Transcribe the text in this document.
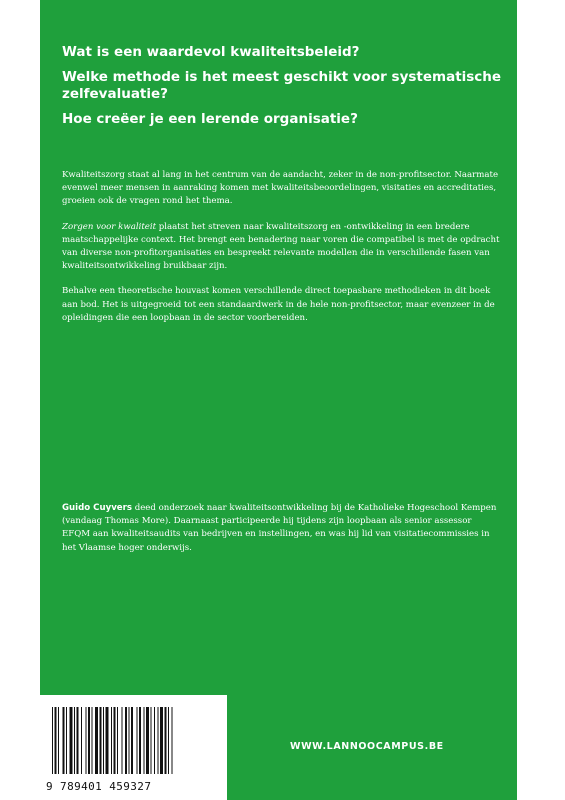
Wat is een waardevol kwaliteitsbeleid?

Welke methode is het meest geschikt voor systematische zelfevaluatie?

Hoe creëer je een lerende organisatie?

Kwaliteitszorg staat al lang in het centrum van de aandacht, zeker in de non-profitsector. Naarmate evenwel meer mensen in aanraking komen met kwaliteitsbeoordelingen, visitaties en accreditaties, groeien ook de vragen rond het thema.

Zorgen voor kwaliteit plaatst het streven naar kwaliteitszorg en -ontwikkeling in een bredere maatschappelijke context. Het brengt een benadering naar voren die compatibel is met de opdracht van diverse non-profitorganisaties en bespreekt relevante modellen die in verschillende fasen van kwaliteitsontwikkeling bruikbaar zijn.

Behalve een theoretische houvast komen verschillende direct toepasbare methodieken in dit boek aan bod. Het is uitgegroeid tot een standaardwerk in de hele non-profitsector, maar evenzeer in de opleidingen die een loopbaan in de sector voorbereiden.

Guido Cuyvers deed onderzoek naar kwaliteitsontwikkeling bij de Katholieke Hogeschool Kempen (vandaag Thomas More). Daarnaast participeerde hij tijdens zijn loopbaan als senior assessor EFQM aan kwaliteitsaudits van bedrijven en instellingen, en was hij lid van visitatiecommissies in het Vlaamse hoger onderwijs.

9 789401 459327
WWW.LANNOOCAMPUS.BE
